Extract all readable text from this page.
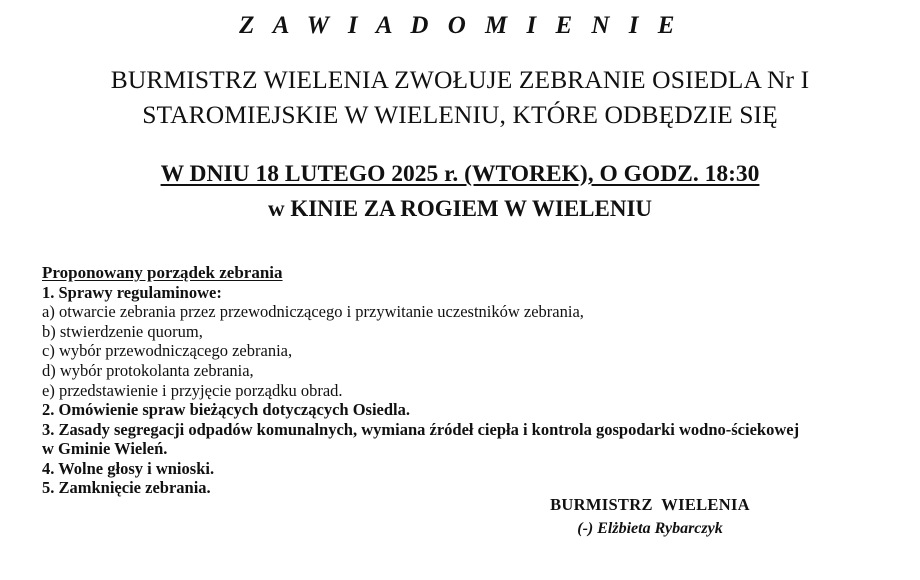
Z A W I A D O M I E N I E
BURMISTRZ WIELENIA ZWOŁUJE ZEBRANIE OSIEDLA Nr I
STAROMIEJSKIE W WIELENIU, KTÓRE ODBĘDZIE SIĘ
W DNIU 18 LUTEGO 2025 r. (WTOREK), O GODZ. 18:30
w KINIE ZA ROGIEM W WIELENIU
Proponowany porządek zebrania
1. Sprawy regulaminowe:
a) otwarcie zebrania przez przewodniczącego i przywitanie uczestników zebrania,
b) stwierdzenie quorum,
c) wybór przewodniczącego zebrania,
d) wybór protokolanta zebrania,
e) przedstawienie i przyjęcie porządku obrad.
2. Omówienie spraw bieżących dotyczących Osiedla.
3. Zasady segregacji odpadów komunalnych, wymiana źródeł ciepła i kontrola gospodarki wodno-ściekowej
w Gminie Wieleń.
4. Wolne głosy i wnioski.
5. Zamknięcie zebrania.
BURMISTRZ  WIELENIA
(-) Elżbieta Rybarczyk
